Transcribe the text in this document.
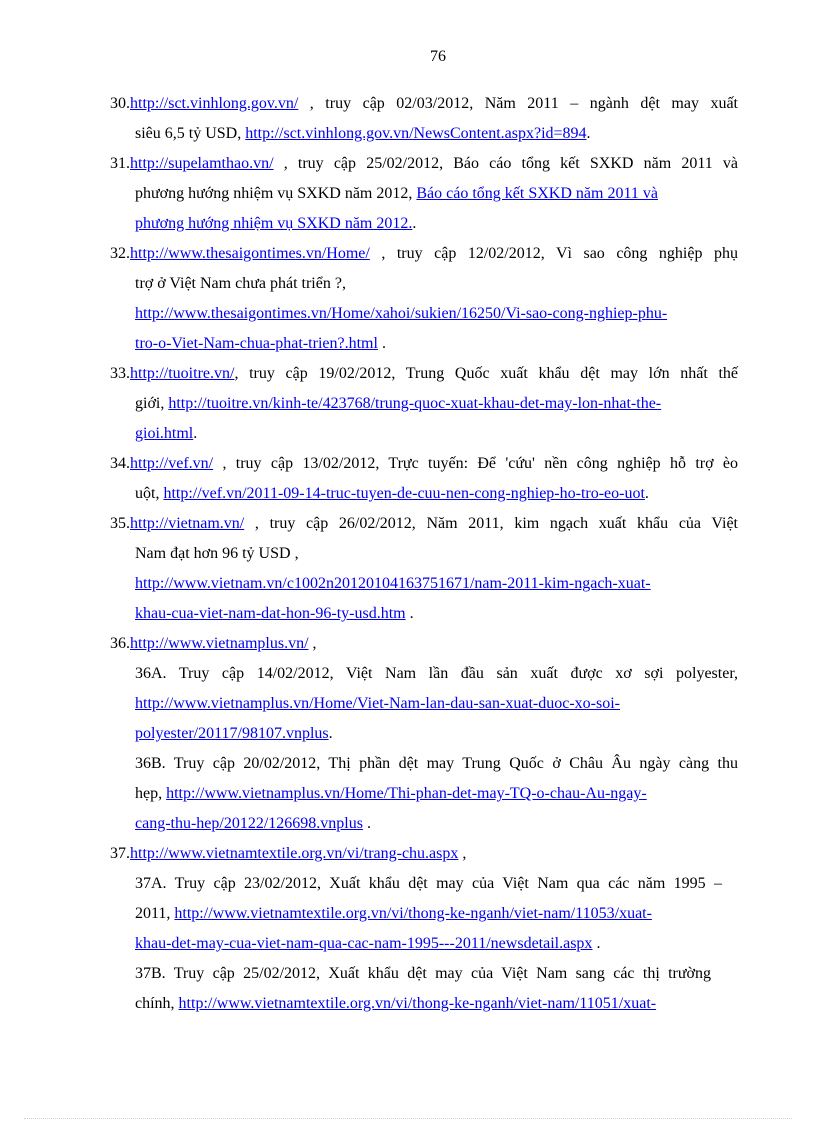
76
30.http://sct.vinhlong.gov.vn/ , truy cập 02/03/2012, Năm 2011 – ngành dệt may xuất
siêu 6,5 tỷ USD, http://sct.vinhlong.gov.vn/NewsContent.aspx?id=894.
31.http://supelamthao.vn/ , truy cập 25/02/2012, Báo cáo tổng kết SXKD năm 2011 và
phương hướng nhiệm vụ SXKD năm 2012, Báo cáo tổng kết SXKD năm 2011 và
phương hướng nhiệm vụ SXKD năm 2012..
32.http://www.thesaigontimes.vn/Home/ , truy cập 12/02/2012, Vì sao công nghiệp phụ
trợ ở Việt Nam chưa phát triển ?,
http://www.thesaigontimes.vn/Home/xahoi/sukien/16250/Vi-sao-cong-nghiep-phu-
tro-o-Viet-Nam-chua-phat-trien?.html .
33.http://tuoitre.vn/, truy cập 19/02/2012, Trung Quốc xuất khẩu dệt may lớn nhất thế
giới, http://tuoitre.vn/kinh-te/423768/trung-quoc-xuat-khau-det-may-lon-nhat-the-
gioi.html.
34.http://vef.vn/ , truy cập 13/02/2012, Trực tuyến: Để 'cứu' nền công nghiệp hỗ trợ èo
uột, http://vef.vn/2011-09-14-truc-tuyen-de-cuu-nen-cong-nghiep-ho-tro-eo-uot.
35.http://vietnam.vn/ , truy cập 26/02/2012, Năm 2011, kim ngạch xuất khẩu của Việt
Nam đạt hơn 96 tỷ USD ,
http://www.vietnam.vn/c1002n20120104163751671/nam-2011-kim-ngach-xuat-
khau-cua-viet-nam-dat-hon-96-ty-usd.htm .
36.http://www.vietnamplus.vn/ ,
36A. Truy cập 14/02/2012, Việt Nam lần đầu sản xuất được xơ sợi polyester,
http://www.vietnamplus.vn/Home/Viet-Nam-lan-dau-san-xuat-duoc-xo-soi-
polyester/20117/98107.vnplus.
36B. Truy cập 20/02/2012, Thị phần dệt may Trung Quốc ở Châu Âu ngày càng thu
hẹp, http://www.vietnamplus.vn/Home/Thi-phan-det-may-TQ-o-chau-Au-ngay-
cang-thu-hep/20122/126698.vnplus .
37.http://www.vietnamtextile.org.vn/vi/trang-chu.aspx ,
37A. Truy cập 23/02/2012, Xuất khẩu dệt may của Việt Nam qua các năm 1995 –
2011, http://www.vietnamtextile.org.vn/vi/thong-ke-nganh/viet-nam/11053/xuat-
khau-det-may-cua-viet-nam-qua-cac-nam-1995---2011/newsdetail.aspx .
37B. Truy cập 25/02/2012, Xuất khẩu dệt may của Việt Nam sang các thị trường
chính, http://www.vietnamtextile.org.vn/vi/thong-ke-nganh/viet-nam/11051/xuat-
